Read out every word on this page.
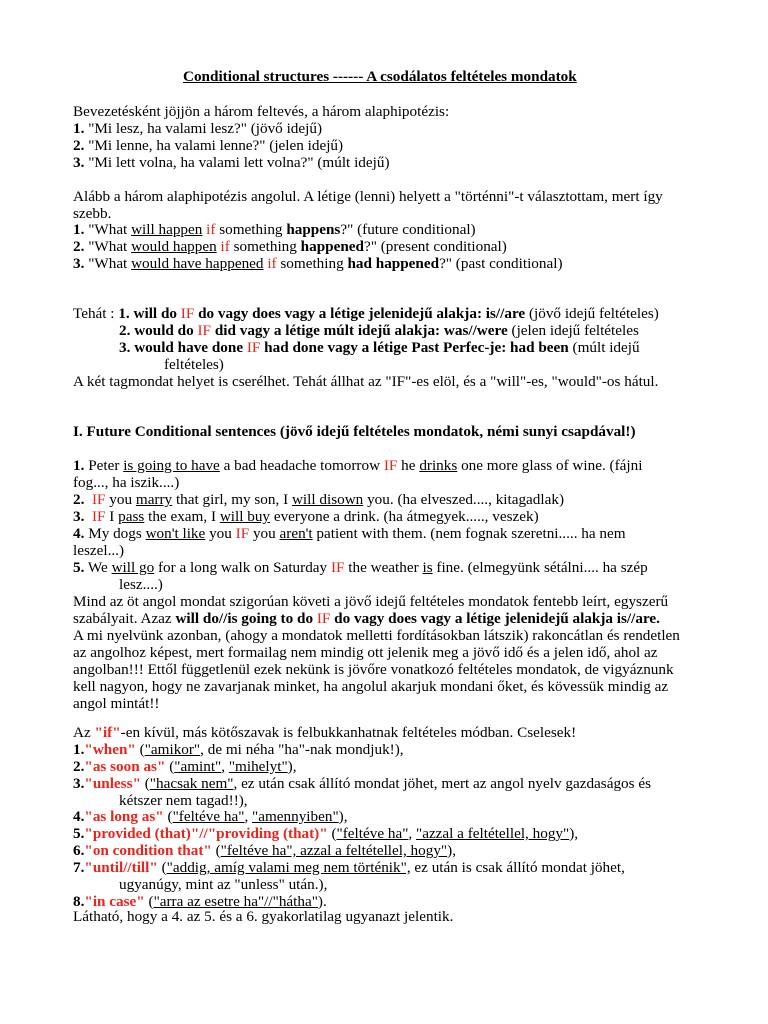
Conditional structures ------ A csodálatos feltételes mondatok
Bevezetésként jöjjön a három feltevés, a három alaphipotézis:
1. "Mi lesz, ha valami lesz?" (jövő idejű)
2. "Mi lenne, ha valami lenne?" (jelen idejű)
3. "Mi lett volna, ha valami lett volna?" (múlt idejű)
Alább a három alaphipotézis angolul. A létige (lenni) helyett a "történni"-t választottam, mert így
szebb.
1. "What will happen if something happens?" (future conditional)
2. "What would happen if something happened?" (present conditional)
3. "What would have happened if something had happened?" (past conditional)
Tehát : 1. will do IF do vagy does vagy a létige jelenidejű alakja: is//are (jövő idejű feltételes)
2. would do IF did vagy a létige múlt idejű alakja: was//were (jelen idejű feltételes
3. would have done IF had done vagy a létige Past Perfec-je: had been (múlt idejű
feltételes)
A két tagmondat helyet is cserélhet. Tehát állhat az "IF"-es elöl, és a "will"-es, "would"-os hátul.
I. Future Conditional sentences (jövő idejű feltételes mondatok, némi sunyi csapdával!)
1. Peter is going to have a bad headache tomorrow IF he drinks one more glass of wine. (fájni
fog..., ha iszik....)
2. IF you marry that girl, my son, I will disown you. (ha elveszed...., kitagadlak)
3. IF I pass the exam, I will buy everyone a drink. (ha átmegyek....., veszek)
4. My dogs won't like you IF you aren't patient with them. (nem fognak szeretni..... ha nem
leszel...)
5. We will go for a long walk on Saturday IF the weather is fine. (elmegyünk sétálni.... ha szép
lesz....)
Mind az öt angol mondat szigorúan követi a jövő idejű feltételes mondatok fentebb leírt, egyszerű
szabályait. Azaz will do//is going to do IF do vagy does vagy a létige jelenidejű alakja is//are.
A mi nyelvünk azonban, (ahogy a mondatok melletti fordításokban látszik) rakoncátlan és rendetlen
az angolhoz képest, mert formailag nem mindig ott jelenik meg a jövő idő és a jelen idő, ahol az
angolban!!! Ettől függetlenül ezek nekünk is jövőre vonatkozó feltételes mondatok, de vigyáznunk
kell nagyon, hogy ne zavarjanak minket, ha angolul akarjuk mondani őket, és kövessük mindig az
angol mintát!!
Az "if"-en kívül, más kötőszavak is felbukkanhatnak feltételes módban. Cselesek!
1."when" ("amikor", de mi néha "ha"-nak mondjuk!),
2."as soon as" ("amint", "mihelyt"),
3."unless" ("hacsak nem", ez után csak állító mondat jöhet, mert az angol nyelv gazdaságos és
kétszer nem tagad!!),
4."as long as" ("feltéve ha", "amennyiben"),
5."provided (that)"//"providing (that)" ("feltéve ha", "azzal a feltétellel, hogy"),
6."on condition that" ("feltéve ha", azzal a feltétellel, hogy"),
7."until//till" ("addig, amíg valami meg nem történik", ez után is csak állító mondat jöhet,
ugyanúgy, mint az "unless" után.),
8."in case" ("arra az esetre ha"//"hátha").
Látható, hogy a 4. az 5. és a 6. gyakorlatilag ugyanazt jelentik.
